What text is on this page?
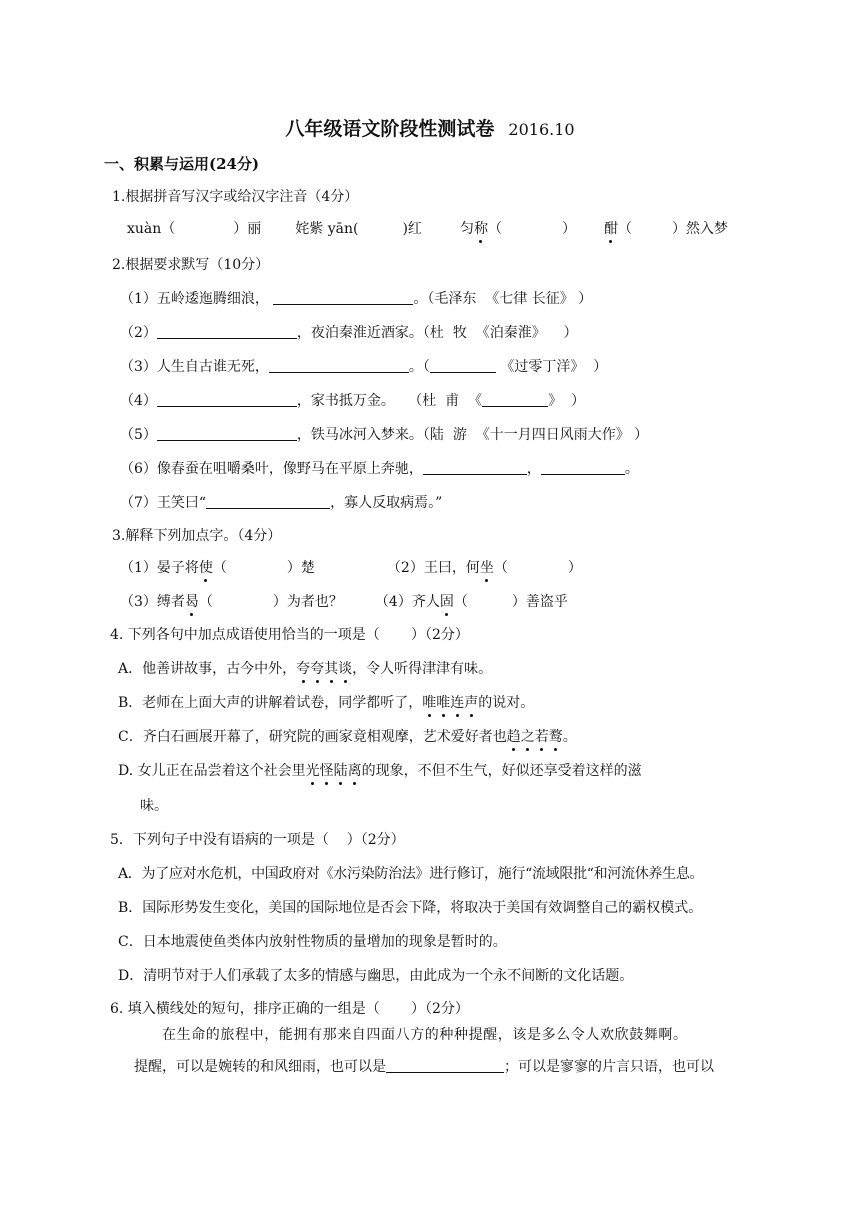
八年级语文阶段性测试卷 2016.10
一、积累与运用(24分)
1.根据拼音写汉字或给汉字注音（4分）
xuàn（	）丽 姹紫 yān(	)红	匀称（	） 酣（	）然入梦
2.根据要求默写（10分）
（1）五岭逶迤腾细浪，	。（毛泽东  《七律 长征》 ）
（2）	，夜泊秦淮近酒家。（杜  牧  《泊秦淮》    ）
（3）人生自古谁无死，	。（	《过零丁洋》  ）
（4）	，家书抵万金。   （杜  甫  《	》  ）
（5）	，铁马冰河入梦来。（陆  游  《十一月四日风雨大作》 ）
（6）像春蚕在咀嚼桑叶，像野马在平原上奔驰，	，	。
（7）王笑曰“	，寡人反取病焉。”
3.解释下列加点字。（4分）
（1）晏子将使（	）楚	（2）王曰，何坐（	）
（3）缚者曷（	）为者也？ （4）齐人固（	）善盗乎
4. 下列各句中加点成语使用恰当的一项是（       ）（2分）
A．他善讲故事，古今中外，夸夸其谈，令人听得津津有味。
B．老师在上面大声的讲解着试卷，同学都听了，唯唯连声的说对。
C．齐白石画展开幕了，研究院的画家竟相观摩，艺术爱好者也趋之若鹜。
D. 女儿正在品尝着这个社会里光怪陆离的现象，不但不生气，好似还享受着这样的滋
味。
5．下列句子中没有语病的一项是（    ）（2分）
A．为了应对水危机，中国政府对《水污染防治法》进行修订，施行“流域限批“和河流休养生息。
B．国际形势发生变化，美国的国际地位是否会下降，将取决于美国有效调整自己的霸权模式。
C．日本地震使鱼类体内放射性物质的量增加的现象是暂时的。
D．清明节对于人们承载了太多的情感与幽思，由此成为一个永不间断的文化话题。
6. 填入横线处的短句，排序正确的一组是（       ）（2分）
在生命的旅程中，能拥有那来自四面八方的种种提醒，该是多么令人欢欣鼓舞啊。
提醒，可以是婉转的和风细雨，也可以是	；可以是寥寥的片言只语，也可以
